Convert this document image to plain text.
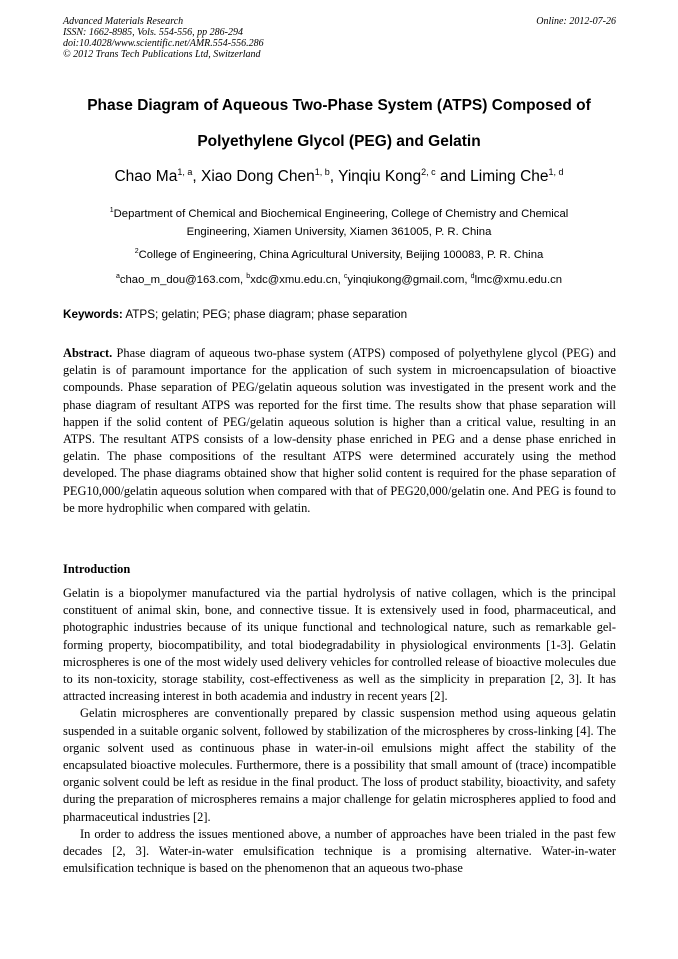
Advanced Materials Research
ISSN: 1662-8985, Vols. 554-556, pp 286-294
doi:10.4028/www.scientific.net/AMR.554-556.286
© 2012 Trans Tech Publications Ltd, Switzerland
Online: 2012-07-26
Phase Diagram of Aqueous Two-Phase System (ATPS) Composed of
Polyethylene Glycol (PEG) and Gelatin
Chao Ma$^{1, a}$, Xiao Dong Chen$^{1, b}$, Yinqiu Kong$^{2, c}$ and Liming Che$^{1, d}$
$^1$Department of Chemical and Biochemical Engineering, College of Chemistry and Chemical
Engineering, Xiamen University, Xiamen 361005, P. R. China
$^2$College of Engineering, China Agricultural University, Beijing 100083, P. R. China
$^a$chao_m_dou@163.com, $^b$xdc@xmu.edu.cn, $^c$yinqiukong@gmail.com, $^d$lmc@xmu.edu.cn
Keywords: ATPS; gelatin; PEG; phase diagram; phase separation
Abstract. Phase diagram of aqueous two-phase system (ATPS) composed of polyethylene glycol (PEG) and gelatin is of paramount importance for the application of such system in microencapsulation of bioactive compounds. Phase separation of PEG/gelatin aqueous solution was investigated in the present work and the phase diagram of resultant ATPS was reported for the first time. The results show that phase separation will happen if the solid content of PEG/gelatin aqueous solution is higher than a critical value, resulting in an ATPS. The resultant ATPS consists of a low-density phase enriched in PEG and a dense phase enriched in gelatin. The phase compositions of the resultant ATPS were determined accurately using the method developed. The phase diagrams obtained show that higher solid content is required for the phase separation of PEG10,000/gelatin aqueous solution when compared with that of PEG20,000/gelatin one. And PEG is found to be more hydrophilic when compared with gelatin.
Introduction

Gelatin is a biopolymer manufactured via the partial hydrolysis of native collagen, which is the principal constituent of animal skin, bone, and connective tissue. It is extensively used in food, pharmaceutical, and photographic industries because of its unique functional and technological nature, such as remarkable gel-forming property, biocompatibility, and total biodegradability in physiological environments [1-3]. Gelatin microspheres is one of the most widely used delivery vehicles for controlled release of bioactive molecules due to its non-toxicity, storage stability, cost-effectiveness as well as the simplicity in preparation [2, 3]. It has attracted increasing interest in both academia and industry in recent years [2].

Gelatin microspheres are conventionally prepared by classic suspension method using aqueous gelatin suspended in a suitable organic solvent, followed by stabilization of the microspheres by cross-linking [4]. The organic solvent used as continuous phase in water-in-oil emulsions might affect the stability of the encapsulated bioactive molecules. Furthermore, there is a possibility that small amount of (trace) incompatible organic solvent could be left as residue in the final product. The loss of product stability, bioactivity, and safety during the preparation of microspheres remains a major challenge for gelatin microspheres applied to food and pharmaceutical industries [2].

In order to address the issues mentioned above, a number of approaches have been trialed in the past few decades [2, 3]. Water-in-water emulsification technique is a promising alternative. Water-in-water emulsification technique is based on the phenomenon that an aqueous two-phase
